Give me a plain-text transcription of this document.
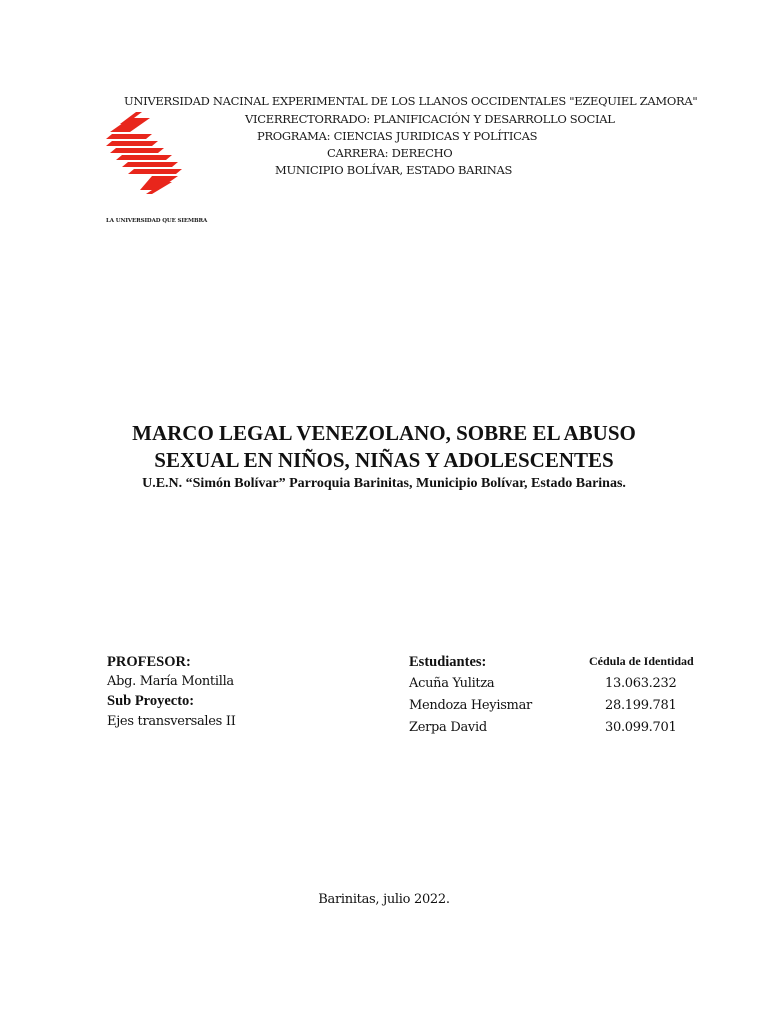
UNIVERSIDAD NACINAL EXPERIMENTAL DE LOS LLANOS OCCIDENTALES "EZEQUIEL ZAMORA"
VICERRECTORRADO: PLANIFICACIÓN Y DESARROLLO SOCIAL
PROGRAMA: CIENCIAS JURIDICAS Y POLÍTICAS
CARRERA: DERECHO
MUNICIPIO BOLÍVAR, ESTADO BARINAS
LA UNIVERSIDAD QUE SIEMBRA
MARCO LEGAL VENEZOLANO, SOBRE EL ABUSO
SEXUAL EN NIÑOS, NIÑAS Y ADOLESCENTES
U.E.N. “Simón Bolívar” Parroquia Barinitas, Municipio Bolívar, Estado Barinas.
PROFESOR:
Abg. María Montilla
Sub Proyecto:
Ejes transversales II
Estudiantes:	Cédula de Identidad
Acuña Yulitza	13.063.232
Mendoza Heyismar	28.199.781
Zerpa David	30.099.701
Barinitas, julio 2022.
